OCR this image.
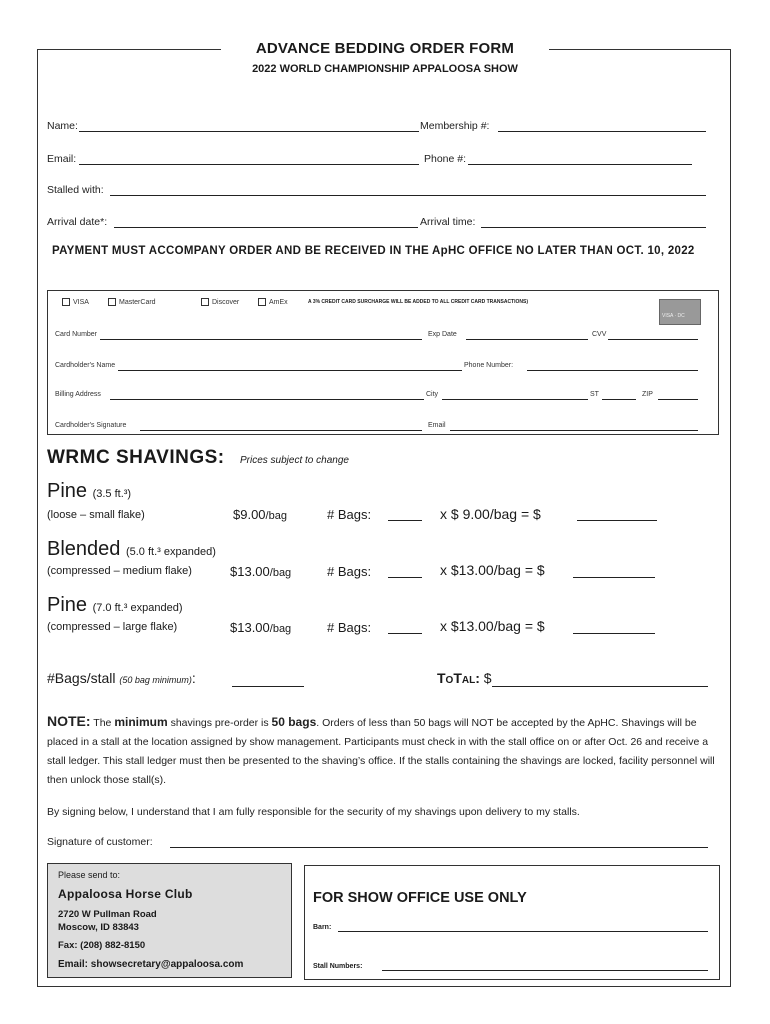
ADVANCE BEDDING ORDER FORM
2022 WORLD CHAMPIONSHIP APPALOOSA SHOW
Name:	Membership #:
Email:	Phone #:
Stalled with:
Arrival date*:	Arrival time:
PAYMENT MUST ACCOMPANY ORDER AND BE RECEIVED IN THE ApHC OFFICE NO LATER THAN OCT. 10, 2022
VISA	MasterCard	Discover	AmEx	A 3% CREDIT CARD SURCHARGE WILL BE ADDED TO ALL CREDIT CARD TRANSACTIONS)
VISA · DC
Card Number	Exp Date	CVV
Cardholder's Name	Phone Number:
Billing Address	City	ST	ZIP
Cardholder's Signature	Email
WRMC SHAVINGS: Prices subject to change
Pine (3.5 ft.³)
(loose – small flake)	$9.00/bag	# Bags:	x $ 9.00/bag = $
Blended (5.0 ft.³ expanded)
(compressed – medium flake)	$13.00/bag	# Bags:	x $13.00/bag = $
Pine (7.0 ft.³ expanded)
(compressed – large flake)	$13.00/bag	# Bags:	x $13.00/bag = $
#Bags/stall (50 bag minimum):	ToTal: $
NOTE: The minimum shavings pre-order is 50 bags. Orders of less than 50 bags will NOT be accepted by the ApHC. Shavings will be placed in a stall at the location assigned by show management. Participants must check in with the stall office on or after Oct. 26 and receive a stall ledger. This stall ledger must then be presented to the shaving’s office. If the stalls containing the shavings are locked, facility personnel will then unlock those stall(s).
By signing below, I understand that I am fully responsible for the security of my shavings upon delivery to my stalls.
Signature of customer:
Please send to:
Appaloosa Horse Club
2720 W Pullman Road
Moscow, ID 83843
Fax: (208) 882-8150
Email: showsecretary@appaloosa.com
FOR SHOW OFFICE USE ONLY
Barn:
Stall Numbers:
